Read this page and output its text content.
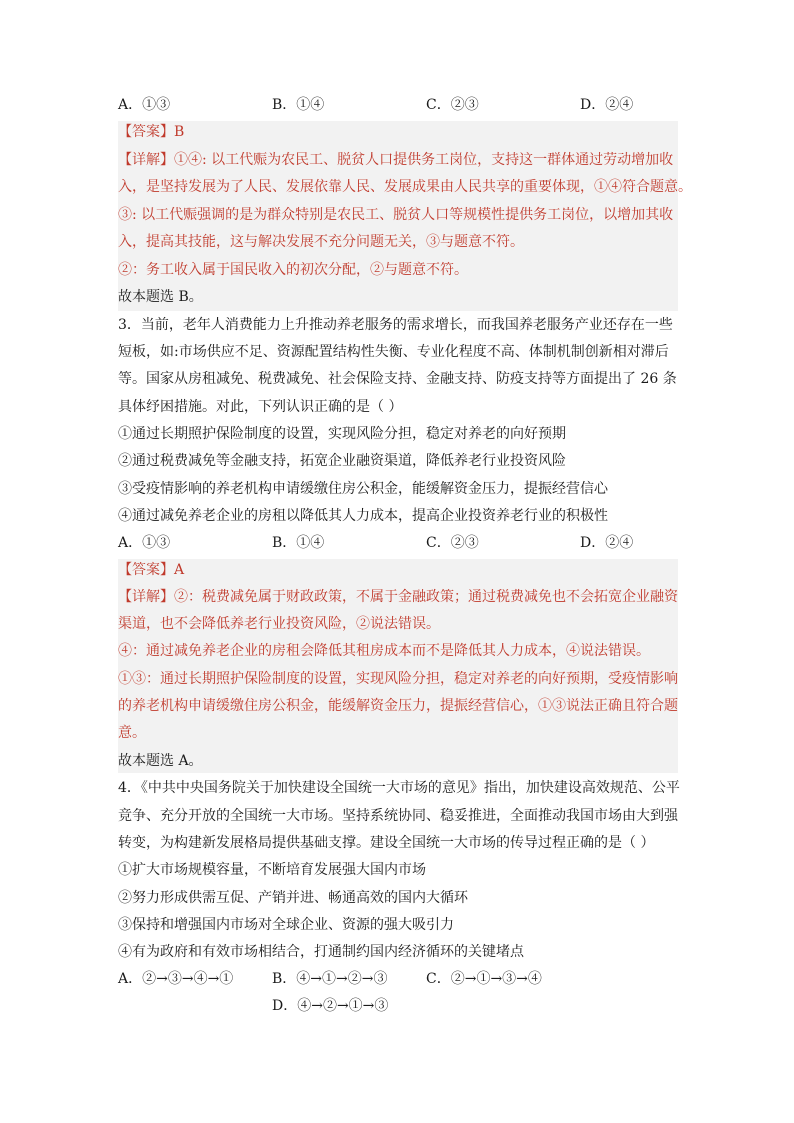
A．①③	B．①④	C．②③	D．②④
【答案】B
【详解】①④: 以工代赈为农民工、脱贫人口提供务工岗位，支持这一群体通过劳动增加收
入，是坚持发展为了人民、发展依靠人民、发展成果由人民共享的重要体现，①④符合题意。
③: 以工代赈强调的是为群众特别是农民工、脱贫人口等规模性提供务工岗位，以增加其收
入，提高其技能，这与解决发展不充分问题无关，③与题意不符。
②：务工收入属于国民收入的初次分配，②与题意不符。
故本题选 B。
3．当前，老年人消费能力上升推动养老服务的需求增长，而我国养老服务产业还存在一些
短板，如:市场供应不足、资源配置结构性失衡、专业化程度不高、体制机制创新相对滞后
等。国家从房租减免、税费减免、社会保险支持、金融支持、防疫支持等方面提出了 26 条
具体纾困措施。对此，下列认识正确的是（ ）
①通过长期照护保险制度的设置，实现风险分担，稳定对养老的向好预期
②通过税费减免等金融支持，拓宽企业融资渠道，降低养老行业投资风险
③受疫情影响的养老机构申请缓缴住房公积金，能缓解资金压力，提振经营信心
④通过减免养老企业的房租以降低其人力成本，提高企业投资养老行业的积极性
A．①③	B．①④	C．②③	D．②④
【答案】A
【详解】②：税费减免属于财政政策，不属于金融政策；通过税费减免也不会拓宽企业融资
渠道，也不会降低养老行业投资风险，②说法错误。
④：通过减免养老企业的房租会降低其租房成本而不是降低其人力成本，④说法错误。
①③：通过长期照护保险制度的设置，实现风险分担，稳定对养老的向好预期，受疫情影响
的养老机构申请缓缴住房公积金，能缓解资金压力，提振经营信心，①③说法正确且符合题
意。
故本题选 A。
4．《中共中央国务院关于加快建设全国统一大市场的意见》指出，加快建设高效规范、公平
竞争、充分开放的全国统一大市场。坚持系统协同、稳妥推进，全面推动我国市场由大到强
转变，为构建新发展格局提供基础支撑。建设全国统一大市场的传导过程正确的是（ ）
①扩大市场规模容量，不断培育发展强大国内市场
②努力形成供需互促、产销并进、畅通高效的国内大循环
③保持和增强国内市场对全球企业、资源的强大吸引力
④有为政府和有效市场相结合，打通制约国内经济循环的关键堵点
A．②→③→④→①	B．④→①→②→③	C．②→①→③→④
D．④→②→①→③
